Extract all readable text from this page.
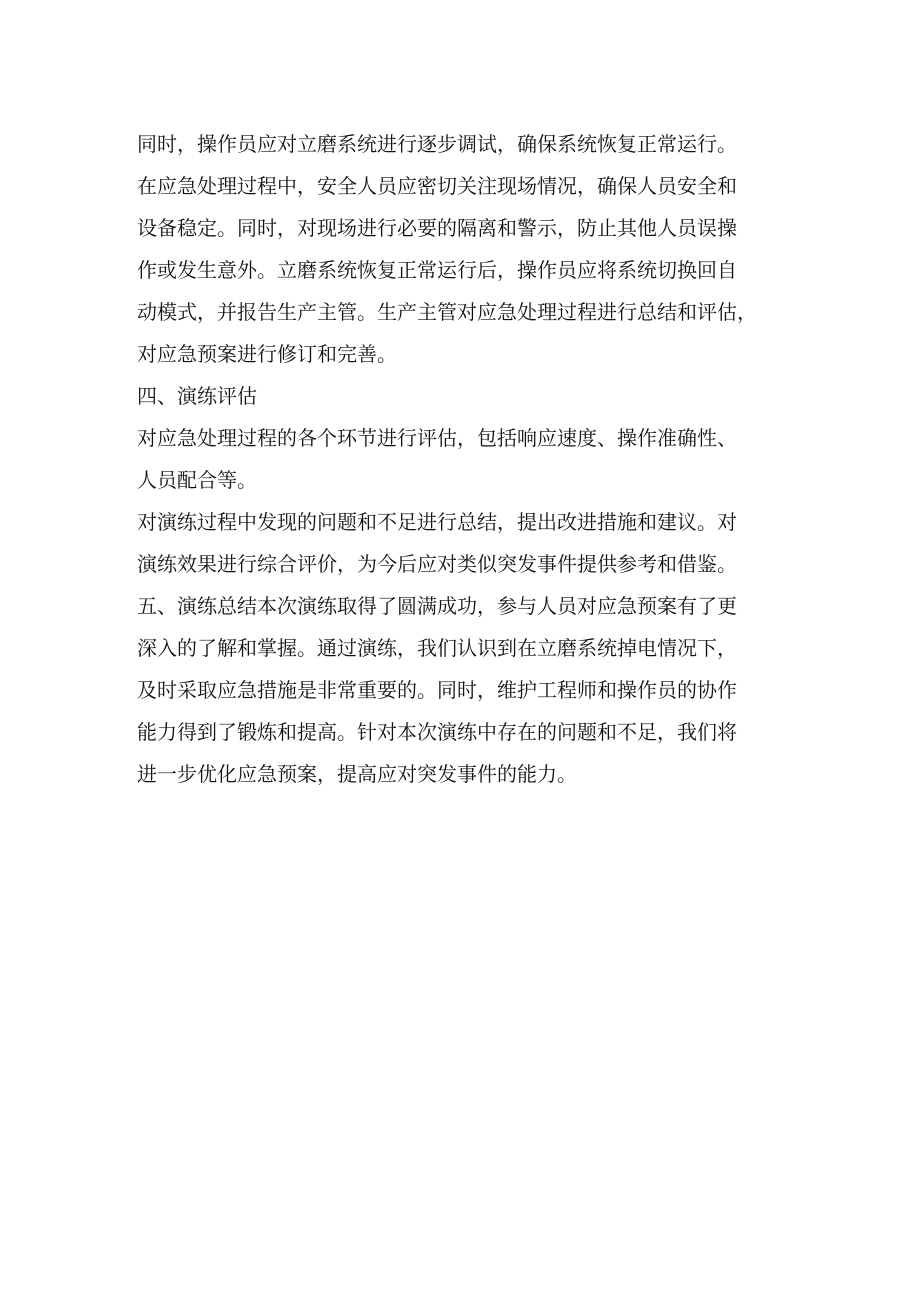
同时，操作员应对立磨系统进行逐步调试，确保系统恢复正常运行。
在应急处理过程中，安全人员应密切关注现场情况，确保人员安全和
设备稳定。同时，对现场进行必要的隔离和警示，防止其他人员误操
作或发生意外。立磨系统恢复正常运行后，操作员应将系统切换回自
动模式，并报告生产主管。生产主管对应急处理过程进行总结和评估，
对应急预案进行修订和完善。
四、演练评估
对应急处理过程的各个环节进行评估，包括响应速度、操作准确性、
人员配合等。
对演练过程中发现的问题和不足进行总结，提出改进措施和建议。对
演练效果进行综合评价，为今后应对类似突发事件提供参考和借鉴。
五、演练总结本次演练取得了圆满成功，参与人员对应急预案有了更
深入的了解和掌握。通过演练，我们认识到在立磨系统掉电情况下，
及时采取应急措施是非常重要的。同时，维护工程师和操作员的协作
能力得到了锻炼和提高。针对本次演练中存在的问题和不足，我们将
进一步优化应急预案，提高应对突发事件的能力。
